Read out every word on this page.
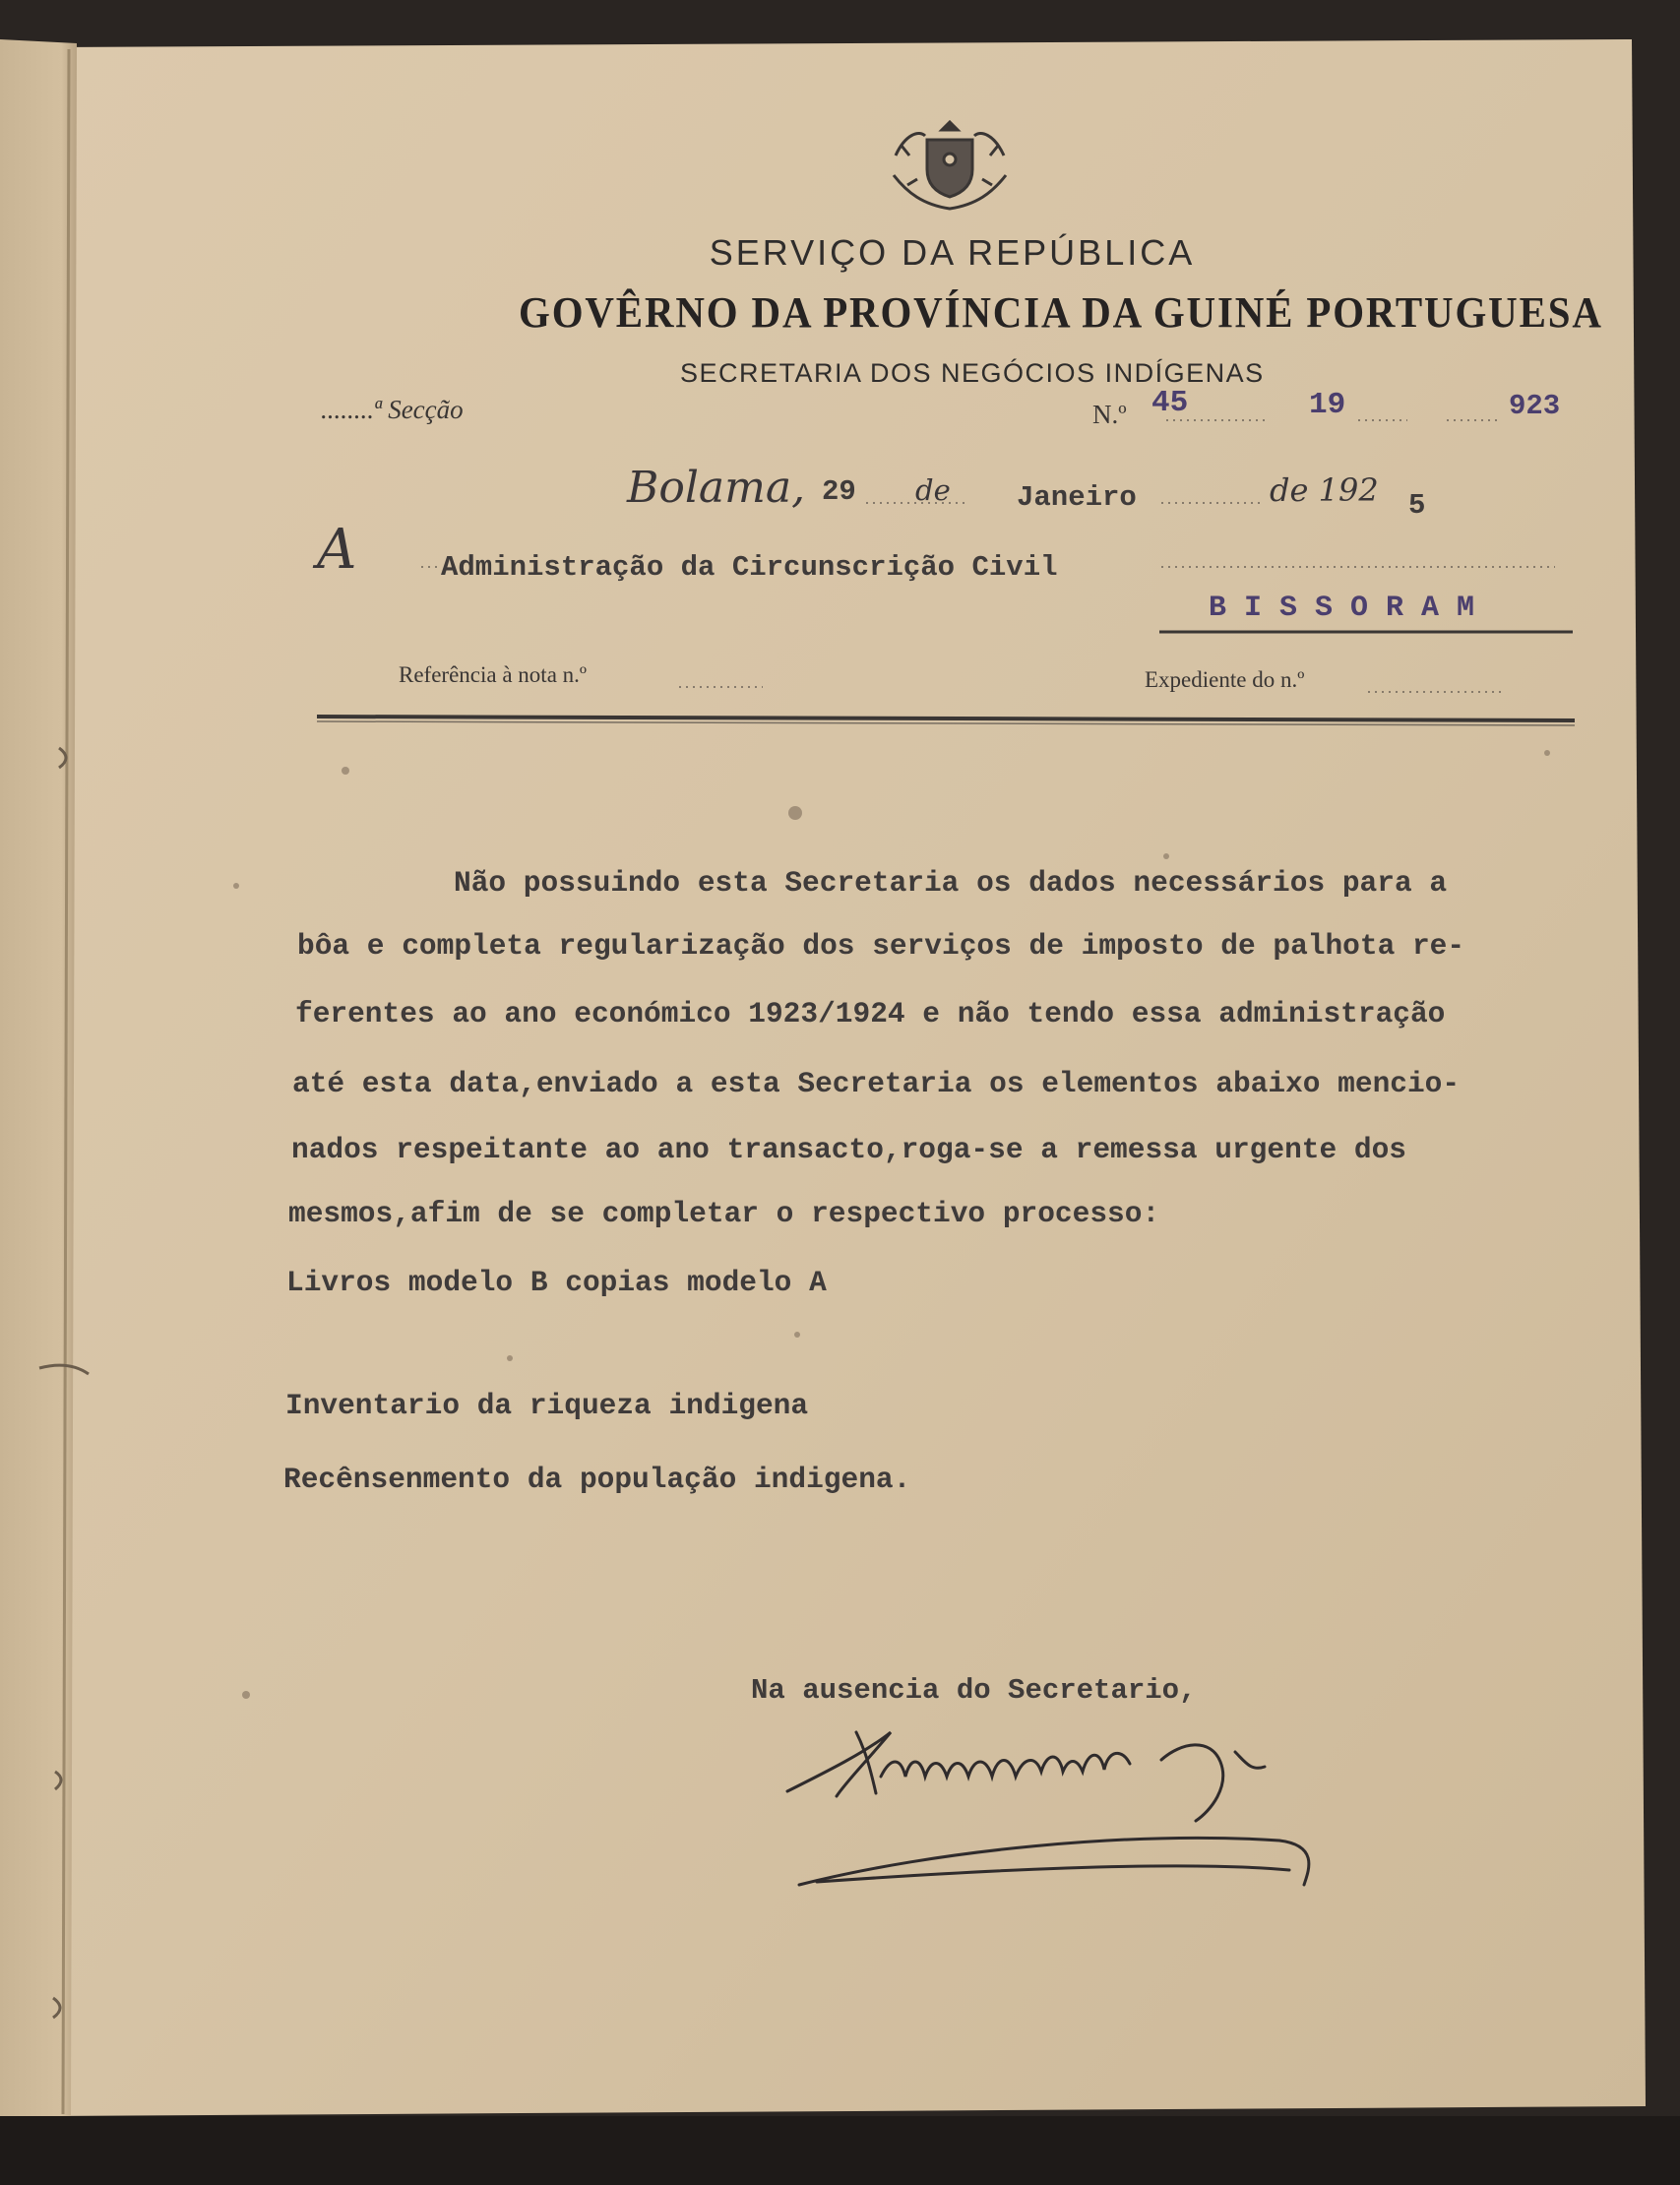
SERVIÇO DA REPÚBLICA

GOVÊRNO DA PROVÍNCIA DA GUINÉ PORTUGUESA

SECRETARIA DOS NEGÓCIOS INDÍGENAS

........ª Secção	N.º 45	19	923
Bolama, 29 de Janeiro	de 192 5
A	Administração da Circunscrição Civil
BISSORAM
Referência à nota n.º	Expediente do n.º

Não possuindo esta Secretaria os dados necessários para a

bôa e completa regularização dos serviços de imposto de palhota re-

ferentes ao ano económico 1923/1924 e não tendo essa administração

até esta data,enviado a esta Secretaria os elementos abaixo mencio-

nados respeitante ao ano transacto,roga-se a remessa urgente dos

mesmos,afim de se completar o respectivo processo:

Livros modelo B copias modelo A

Inventario da riqueza indigena

Recênsenmento da população indigena.

Na ausencia do Secretario,
